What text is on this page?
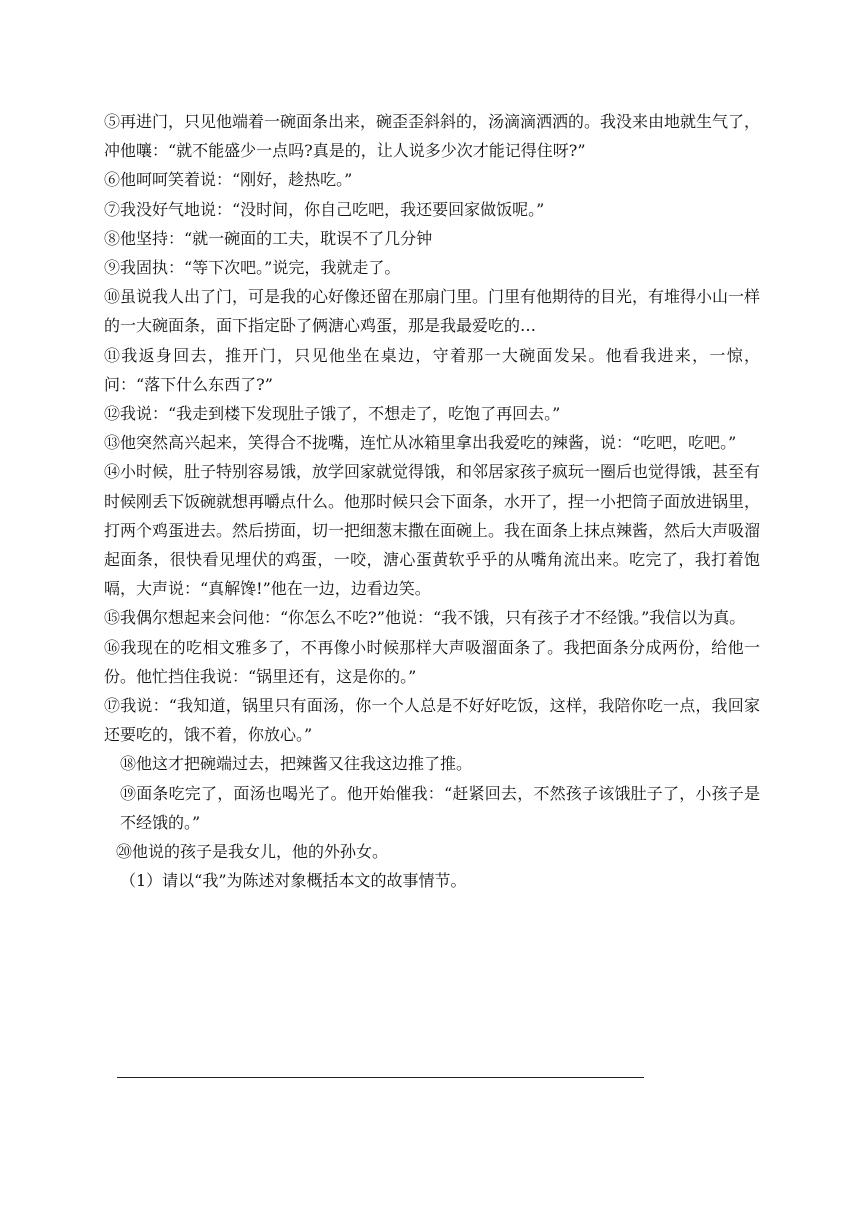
⑤再进门，只见他端着一碗面条出来，碗歪歪斜斜的，汤滴滴洒洒的。我没来由地就生气了，冲他嚷：“就不能盛少一点吗?真是的，让人说多少次才能记得住呀?”

⑥他呵呵笑着说：“刚好，趁热吃。”

⑦我没好气地说：“没时间，你自己吃吧，我还要回家做饭呢。”

⑧他坚持：“就一碗面的工夫，耽误不了几分钟

⑨我固执：“等下次吧。”说完，我就走了。

⑩虽说我人出了门，可是我的心好像还留在那扇门里。门里有他期待的目光，有堆得小山一样的一大碗面条，面下指定卧了俩溏心鸡蛋，那是我最爱吃的…

⑪我返身回去，推开门，只见他坐在桌边，守着那一大碗面发呆。他看我进来，一惊，问：“落下什么东西了?”

⑫我说：“我走到楼下发现肚子饿了，不想走了，吃饱了再回去。”

⑬他突然高兴起来，笑得合不拢嘴，连忙从冰箱里拿出我爱吃的辣酱，说：“吃吧，吃吧。”

⑭小时候，肚子特别容易饿，放学回家就觉得饿，和邻居家孩子疯玩一圈后也觉得饿，甚至有时候刚丢下饭碗就想再嚼点什么。他那时候只会下面条，水开了，捏一小把筒子面放进锅里，打两个鸡蛋进去。然后捞面，切一把细葱末撒在面碗上。我在面条上抹点辣酱，然后大声吸溜起面条，很快看见埋伏的鸡蛋，一咬，溏心蛋黄软乎乎的从嘴角流出来。吃完了，我打着饱嗝，大声说：“真解馋!”他在一边，边看边笑。

⑮我偶尔想起来会问他：“你怎么不吃?”他说：“我不饿，只有孩子才不经饿。”我信以为真。

⑯我现在的吃相文雅多了，不再像小时候那样大声吸溜面条了。我把面条分成两份，给他一份。他忙挡住我说：“锅里还有，这是你的。”

⑰我说：“我知道，锅里只有面汤，你一个人总是不好好吃饭，这样，我陪你吃一点，我回家还要吃的，饿不着，你放心。”

⑱他这才把碗端过去，把辣酱又往我这边推了推。

⑲面条吃完了，面汤也喝光了。他开始催我：“赶紧回去，不然孩子该饿肚子了，小孩子是不经饿的。”

⑳他说的孩子是我女儿，他的外孙女。

（1）请以“我”为陈述对象概括本文的故事情节。
